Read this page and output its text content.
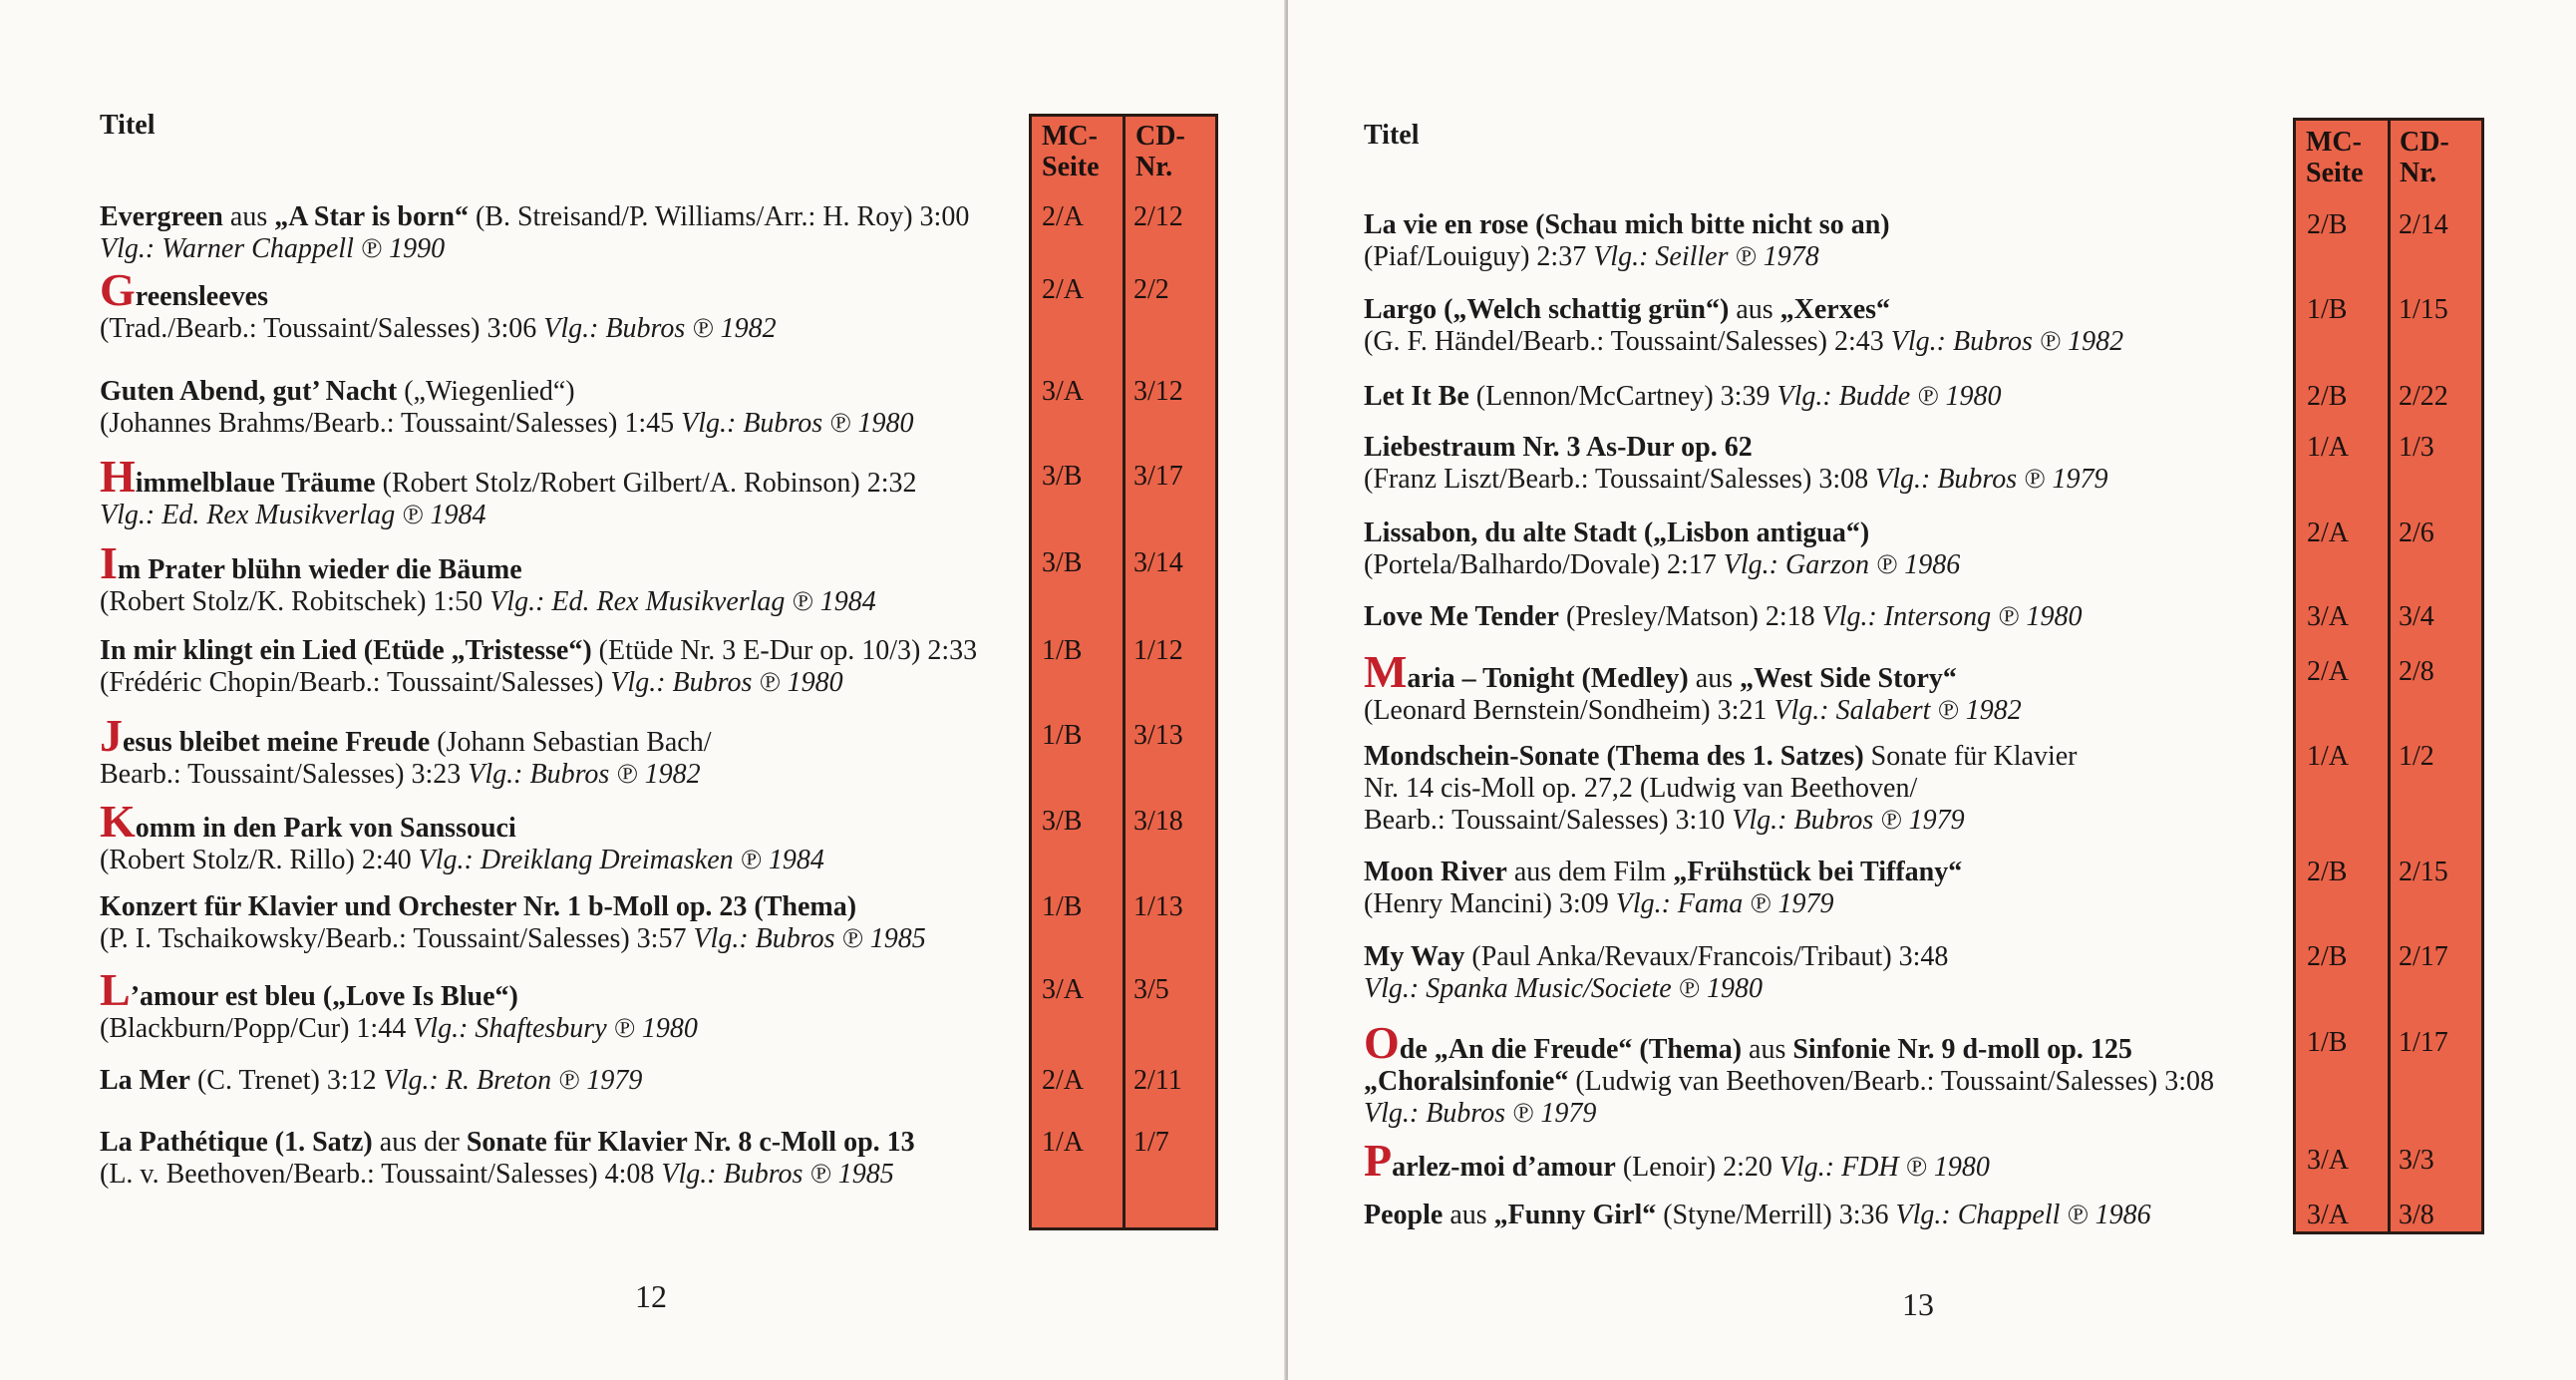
Titel	MC-
Seite
CD-
Nr.
12
Evergreen aus „A Star is born“ (B. Streisand/P. Williams/Arr.: H. Roy) 3:00
Vlg.: Warner Chappell ℗ 1990
2/A 2/12
Greensleeves
(Trad./Bearb.: Toussaint/Salesses) 3:06 Vlg.: Bubros ℗ 1982
2/A 2/2
Guten Abend, gut’ Nacht („Wiegenlied“)
(Johannes Brahms/Bearb.: Toussaint/Salesses) 1:45 Vlg.: Bubros ℗ 1980
3/A 3/12
Himmelblaue Träume (Robert Stolz/Robert Gilbert/A. Robinson) 2:32
Vlg.: Ed. Rex Musikverlag ℗ 1984
3/B 3/17
Im Prater blühn wieder die Bäume
(Robert Stolz/K. Robitschek) 1:50 Vlg.: Ed. Rex Musikverlag ℗ 1984
3/B 3/14
In mir klingt ein Lied (Etüde „Tristesse“) (Etüde Nr. 3 E-Dur op. 10/3) 2:33
(Frédéric Chopin/Bearb.: Toussaint/Salesses) Vlg.: Bubros ℗ 1980
1/B 1/12
Jesus bleibet meine Freude (Johann Sebastian Bach/
Bearb.: Toussaint/Salesses) 3:23 Vlg.: Bubros ℗ 1982
1/B 3/13
Komm in den Park von Sanssouci
(Robert Stolz/R. Rillo) 2:40 Vlg.: Dreiklang Dreimasken ℗ 1984
3/B 3/18
Konzert für Klavier und Orchester Nr. 1 b-Moll op. 23 (Thema)
(P. I. Tschaikowsky/Bearb.: Toussaint/Salesses) 3:57 Vlg.: Bubros ℗ 1985
1/B 1/13
L’amour est bleu („Love Is Blue“)
(Blackburn/Popp/Cur) 1:44 Vlg.: Shaftesbury ℗ 1980
3/A 3/5
La Mer (C. Trenet) 3:12 Vlg.: R. Breton ℗ 1979	2/A 2/11
La Pathétique (1. Satz) aus der Sonate für Klavier Nr. 8 c-Moll op. 13
(L. v. Beethoven/Bearb.: Toussaint/Salesses) 4:08 Vlg.: Bubros ℗ 1985
1/A 1/7
Titel	MC-
Seite
CD-
Nr.
13
La vie en rose (Schau mich bitte nicht so an)
(Piaf/Louiguy) 2:37 Vlg.: Seiller ℗ 1978
2/B 2/14
Largo („Welch schattig grün“) aus „Xerxes“
(G. F. Händel/Bearb.: Toussaint/Salesses) 2:43 Vlg.: Bubros ℗ 1982
1/B 1/15
Let It Be (Lennon/McCartney) 3:39 Vlg.: Budde ℗ 1980	2/B 2/22
Liebestraum Nr. 3 As-Dur op. 62
(Franz Liszt/Bearb.: Toussaint/Salesses) 3:08 Vlg.: Bubros ℗ 1979
1/A 1/3
Lissabon, du alte Stadt („Lisbon antigua“)
(Portela/Balhardo/Dovale) 2:17 Vlg.: Garzon ℗ 1986
2/A 2/6
Love Me Tender (Presley/Matson) 2:18 Vlg.: Intersong ℗ 1980	3/A 3/4
Maria – Tonight (Medley) aus „West Side Story“
(Leonard Bernstein/Sondheim) 3:21 Vlg.: Salabert ℗ 1982
2/A 2/8
Mondschein-Sonate (Thema des 1. Satzes) Sonate für Klavier
Nr. 14 cis-Moll op. 27,2 (Ludwig van Beethoven/
Bearb.: Toussaint/Salesses) 3:10 Vlg.: Bubros ℗ 1979
1/A 1/2
Moon River aus dem Film „Frühstück bei Tiffany“
(Henry Mancini) 3:09 Vlg.: Fama ℗ 1979
2/B 2/15
My Way (Paul Anka/Revaux/Francois/Tribaut) 3:48
Vlg.: Spanka Music/Societe ℗ 1980
2/B 2/17
Ode „An die Freude“ (Thema) aus Sinfonie Nr. 9 d-moll op. 125
„Choralsinfonie“ (Ludwig van Beethoven/Bearb.: Toussaint/Salesses) 3:08
Vlg.: Bubros ℗ 1979
1/B 1/17
Parlez-moi d’amour (Lenoir) 2:20 Vlg.: FDH ℗ 1980	3/A 3/3
People aus „Funny Girl“ (Styne/Merrill) 3:36 Vlg.: Chappell ℗ 1986	3/A 3/8
